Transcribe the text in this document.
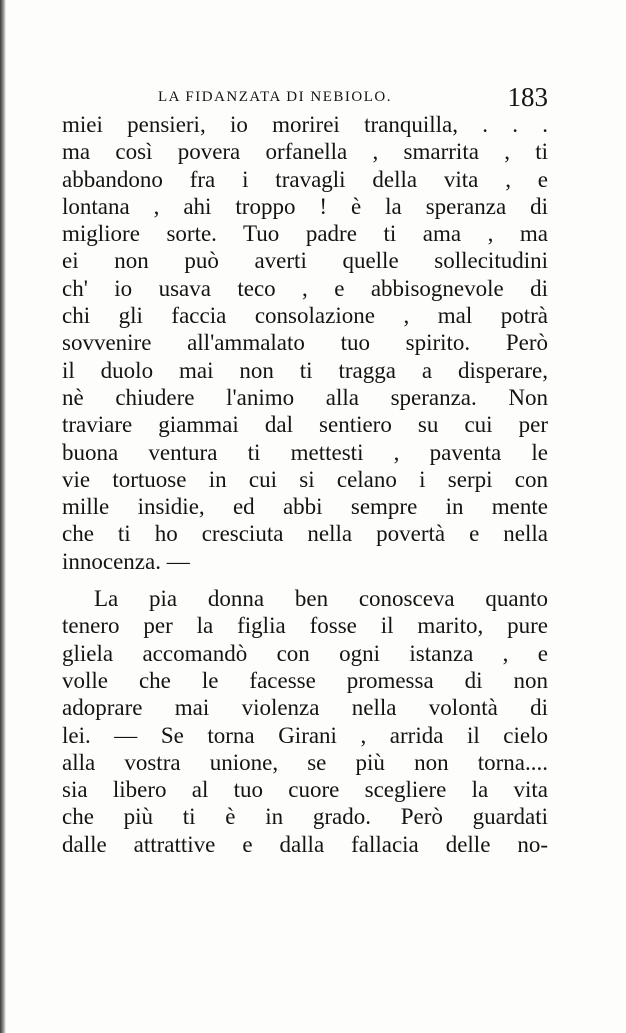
LA FIDANZATA DI NEBIOLO.	183
miei pensieri, io morirei tranquilla, . . .
ma così povera orfanella , smarrita , ti
abbandono fra i travagli della vita , e
lontana , ahi troppo ! è la speranza di
migliore sorte. Tuo padre ti ama , ma
ei non può averti quelle sollecitudini
ch' io usava teco , e abbisognevole di
chi gli faccia consolazione , mal potrà
sovvenire all'ammalato tuo spirito. Però
il duolo mai non ti tragga a disperare,
nè chiudere l'animo alla speranza. Non
traviare giammai dal sentiero su cui per
buona ventura ti mettesti , paventa le
vie tortuose in cui si celano i serpi con
mille insidie, ed abbi sempre in mente
che ti ho cresciuta nella povertà e nella
innocenza. —
La pia donna ben conosceva quanto
tenero per la figlia fosse il marito, pure
gliela accomandò con ogni istanza , e
volle che le facesse promessa di non
adoprare mai violenza nella volontà di
lei. — Se torna Girani , arrida il cielo
alla vostra unione, se più non torna....
sia libero al tuo cuore scegliere la vita
che più ti è in grado. Però guardati
dalle attrattive e dalla fallacia delle no-
